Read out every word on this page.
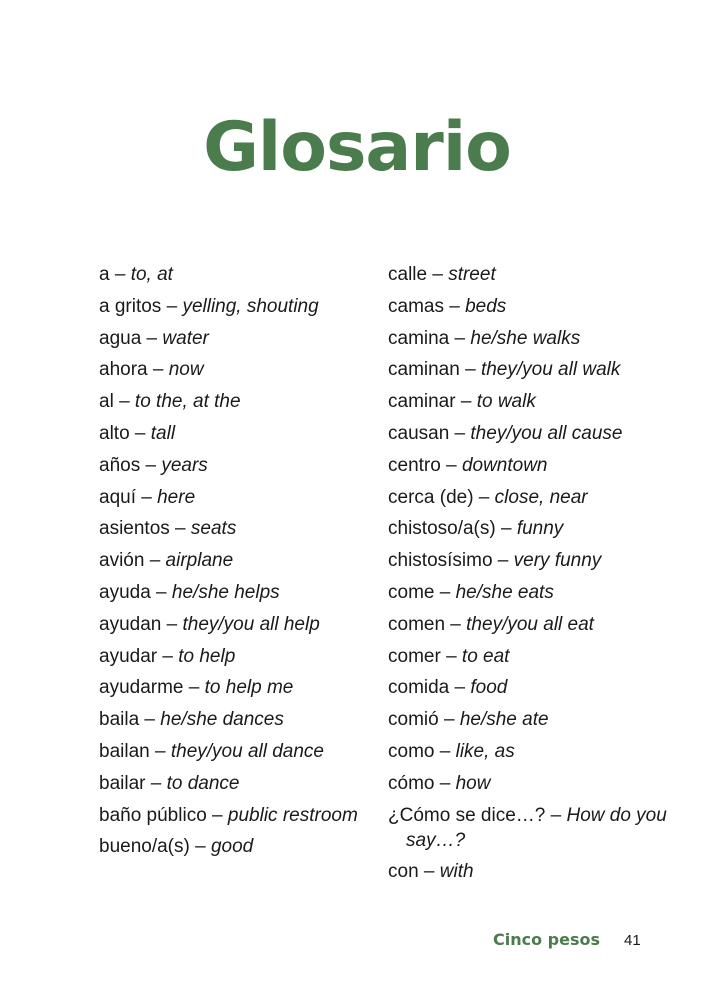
Glosario
a – to, at
a gritos – yelling, shouting
agua – water
ahora – now
al – to the, at the
alto – tall
años – years
aquí – here
asientos – seats
avión – airplane
ayuda – he/she helps
ayudan – they/you all help
ayudar – to help
ayudarme – to help me
baila – he/she dances
bailan – they/you all dance
bailar – to dance
baño público – public restroom
bueno/a(s) – good
calle – street
camas – beds
camina – he/she walks
caminan – they/you all walk
caminar – to walk
causan – they/you all cause
centro – downtown
cerca (de) – close, near
chistoso/a(s) – funny
chistosísimo – very funny
come – he/she eats
comen – they/you all eat
comer – to eat
comida – food
comió – he/she ate
como – like, as
cómo – how
¿Cómo se dice…? – How do you say…?
con – with
Cinco pesos 41
